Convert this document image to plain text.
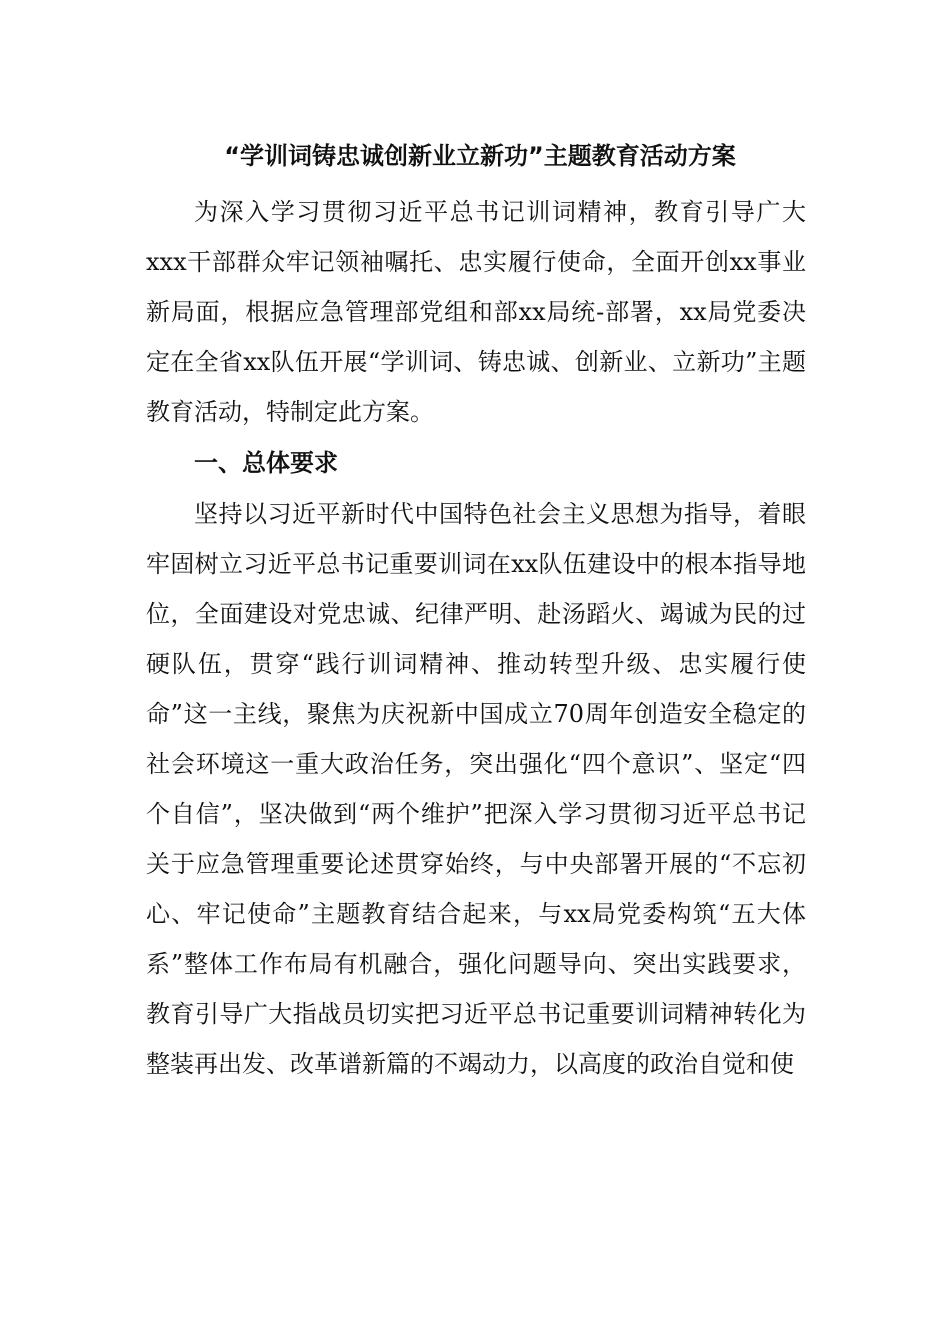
“学训词铸忠诚创新业立新功”主题教育活动方案

为深入学习贯彻习近平总书记训词精神，教育引导广大xxx干部群众牢记领袖嘱托、忠实履行使命，全面开创xx事业新局面，根据应急管理部党组和部xx局统-部署，xx局党委决定在全省xx队伍开展“学训词、铸忠诚、创新业、立新功”主题教育活动，特制定此方案。

一、总体要求

坚持以习近平新时代中国特色社会主义思想为指导，着眼牢固树立习近平总书记重要训词在xx队伍建设中的根本指导地位，全面建设对党忠诚、纪律严明、赴汤蹈火、竭诚为民的过硬队伍，贯穿“践行训词精神、推动转型升级、忠实履行使命”这一主线，聚焦为庆祝新中国成立70周年创造安全稳定的社会环境这一重大政治任务，突出强化“四个意识”、坚定“四个自信”，坚决做到“两个维护”把深入学习贯彻习近平总书记关于应急管理重要论述贯穿始终，与中央部署开展的“不忘初心、牢记使命”主题教育结合起来，与xx局党委构筑“五大体系”整体工作布局有机融合，强化问题导向、突出实践要求，教育引导广大指战员切实把习近平总书记重要训词精神转化为整装再出发、改革谱新篇的不竭动力，以高度的政治自觉和使
